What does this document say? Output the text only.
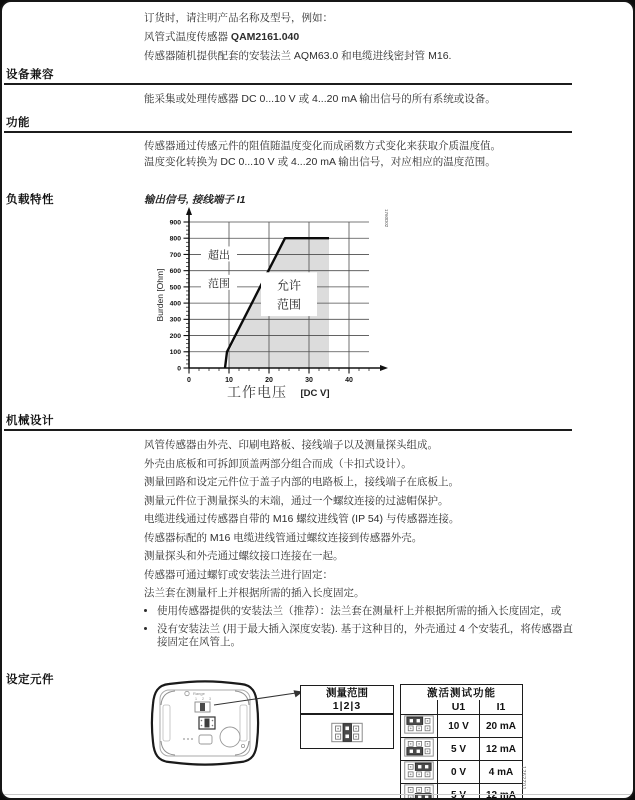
订货时，请注明产品名称及型号，例如：
风管式温度传感器 QAM2161.040
传感器随机提供配套的安装法兰 AQM63.0 和电缆进线密封管 M16.
设备兼容
能采集或处理传感器 DC 0...10 V 或 4...20 mA 输出信号的所有系统或设备。
功能
传感器通过传感元件的阻值随温度变化而成函数方式变化来获取介质温度值。
温度变化转换为 DC 0...10 V 或 4...20 mA 输出信号，对应相应的温度范围。
负载特性	输出信号, 接线端子 I1
0
100
200
300
400
500
600
700
800
900
0	10	20	30	40
超出
范围	允许
范围
Burden [Ohm]
工作电压 [DC V]
1760D02
机械设计
风管传感器由外壳、印刷电路板、接线端子以及测量探头组成。
外壳由底板和可拆卸顶盖两部分组合而成（卡扣式设计）。
测量回路和设定元件位于盖子内部的电路板上，接线端子在底板上。
测量元件位于测量探头的末端，通过一个螺纹连接的过滤帽保护。
电缆进线通过传感器自带的 M16 螺纹进线管 (IP 54) 与传感器连接。
传感器标配的 M16 电缆进线管通过螺纹连接到传感器外壳。
测量探头和外壳通过螺纹接口连接在一起。
传感器可通过螺钉或安装法兰进行固定：
法兰套在测量杆上并根据所需的插入长度固定。
• 使用传感器提供的安装法兰（推荐）：法兰套在测量杆上并根据所需的插入长度固定，或
• 没有安装法兰 (用于最大插入深度安装). 基于这种目的，外壳通过 4 个安装孔，将传感器直接固定在风管上。
设定元件
Range
1 2 3	测量范围
1|2|3
激活测试功能		
	U1	I1
	10 V	20 mA
	5 V	12 mA
	0 V	4 mA
		1762Z01
